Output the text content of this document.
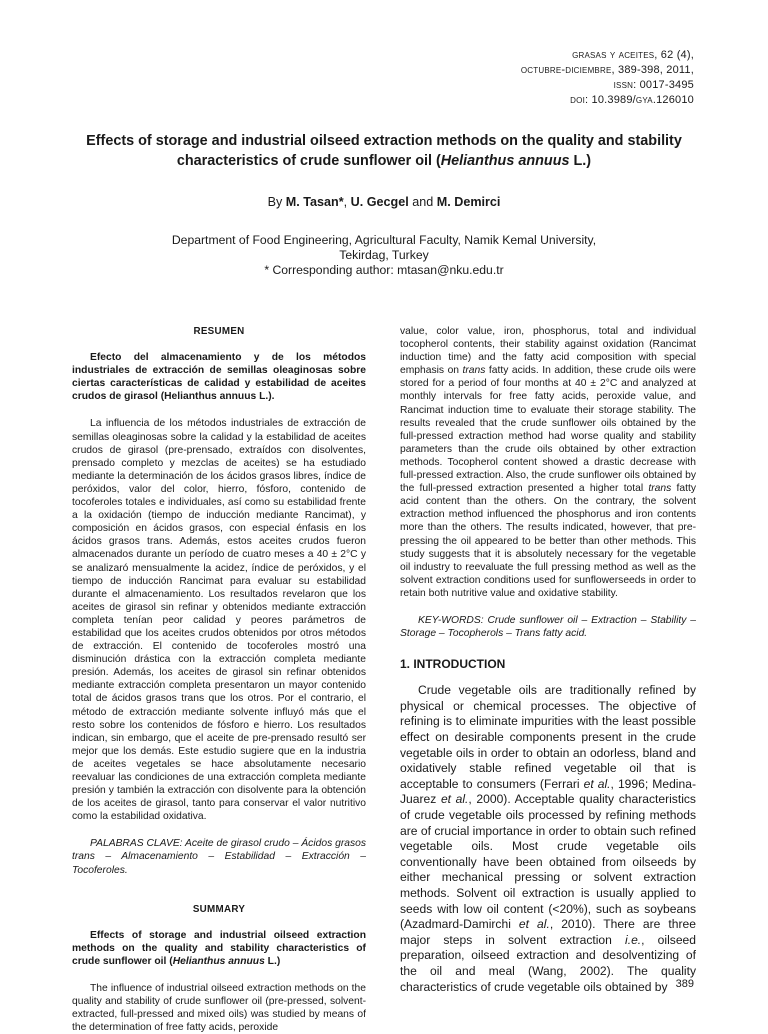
grasas y aceites, 62 (4),
octubre-diciembre, 389-398, 2011,
issn: 0017-3495
doi: 10.3989/gya.126010
Effects of storage and industrial oilseed extraction methods on the quality and stability characteristics of crude sunflower oil (Helianthus annuus L.)
By M. Tasan*, U. Gecgel and M. Demirci
Department of Food Engineering, Agricultural Faculty, Namik Kemal University,
Tekirdag, Turkey
* Corresponding author: mtasan@nku.edu.tr

RESUMEN

Efecto del almacenamiento y de los métodos industriales de extracción de semillas oleaginosas sobre ciertas características de calidad y estabilidad de aceites crudos de girasol (Helianthus annuus L.).

La influencia de los métodos industriales de extracción de semillas oleaginosas sobre la calidad y la estabilidad de aceites crudos de girasol (pre-prensado, extraídos con disolventes, prensado completo y mezclas de aceites) se ha estudiado mediante la determinación de los ácidos grasos libres, índice de peróxidos, valor del color, hierro, fósforo, contenido de tocoferoles totales e individuales, así como su estabilidad frente a la oxidación (tiempo de inducción mediante Rancimat), y composición en ácidos grasos, con especial énfasis en los ácidos grasos trans. Además, estos aceites crudos fueron almacenados durante un período de cuatro meses a 40 ± 2°C y se analizaró mensualmente la acidez, índice de peróxidos, y el tiempo de inducción Rancimat para evaluar su estabilidad durante el almacenamiento. Los resultados revelaron que los aceites de girasol sin refinar y obtenidos mediante extracción completa tenían peor calidad y peores parámetros de estabilidad que los aceites crudos obtenidos por otros métodos de extracción. El contenido de tocoferoles mostró una disminución drástica con la extracción completa mediante presión. Además, los aceites de girasol sin refinar obtenidos mediante extracción completa presentaron un mayor contenido total de ácidos grasos trans que los otros. Por el contrario, el método de extracción mediante solvente influyó más que el resto sobre los contenidos de fósforo e hierro. Los resultados indican, sin embargo, que el aceite de pre-prensado resultó ser mejor que los demás. Este estudio sugiere que en la industria de aceites vegetales se hace absolutamente necesario reevaluar las condiciones de una extracción completa mediante presión y también la extracción con disolvente para la obtención de los aceites de girasol, tanto para conservar el valor nutritivo como la estabilidad oxidativa.

PALABRAS CLAVE: Aceite de girasol crudo – Ácidos grasos trans – Almacenamiento – Estabilidad – Extracción – Tocoferoles.

SUMMARY

Effects of storage and industrial oilseed extraction methods on the quality and stability characteristics of crude sunflower oil (Helianthus annuus L.)

The influence of industrial oilseed extraction methods on the quality and stability of crude sunflower oil (pre-pressed, solvent-extracted, full-pressed and mixed oils) was studied by means of the determination of free fatty acids, peroxide

value, color value, iron, phosphorus, total and individual tocopherol contents, their stability against oxidation (Rancimat induction time) and the fatty acid composition with special emphasis on trans fatty acids. In addition, these crude oils were stored for a period of four months at 40 ± 2°C and analyzed at monthly intervals for free fatty acids, peroxide value, and Rancimat induction time to evaluate their storage stability. The results revealed that the crude sunflower oils obtained by the full-pressed extraction method had worse quality and stability parameters than the crude oils obtained by other extraction methods. Tocopherol content showed a drastic decrease with full-pressed extraction. Also, the crude sunflower oils obtained by the full-pressed extraction presented a higher total trans fatty acid content than the others. On the contrary, the solvent extraction method influenced the phosphorus and iron contents more than the others. The results indicated, however, that pre-pressing the oil appeared to be better than other methods. This study suggests that it is absolutely necessary for the vegetable oil industry to reevaluate the full pressing method as well as the solvent extraction conditions used for sunflowerseeds in order to retain both nutritive value and oxidative stability.

KEY-WORDS: Crude sunflower oil – Extraction – Stability – Storage – Tocopherols – Trans fatty acid.

1. INTRODUCTION

Crude vegetable oils are traditionally refined by physical or chemical processes. The objective of refining is to eliminate impurities with the least possible effect on desirable components present in the crude vegetable oils in order to obtain an odorless, bland and oxidatively stable refined vegetable oil that is acceptable to consumers (Ferrari et al., 1996; Medina-Juarez et al., 2000). Acceptable quality characteristics of crude vegetable oils processed by refining methods are of crucial importance in order to obtain such refined vegetable oils. Most crude vegetable oils conventionally have been obtained from oilseeds by either mechanical pressing or solvent extraction methods. Solvent oil extraction is usually applied to seeds with low oil content (<20%), such as soybeans (Azadmard-Damirchi et al., 2010). There are three major steps in solvent extraction i.e., oilseed preparation, oilseed extraction and desolventizing of the oil and meal (Wang, 2002). The quality characteristics of crude vegetable oils obtained by 389
